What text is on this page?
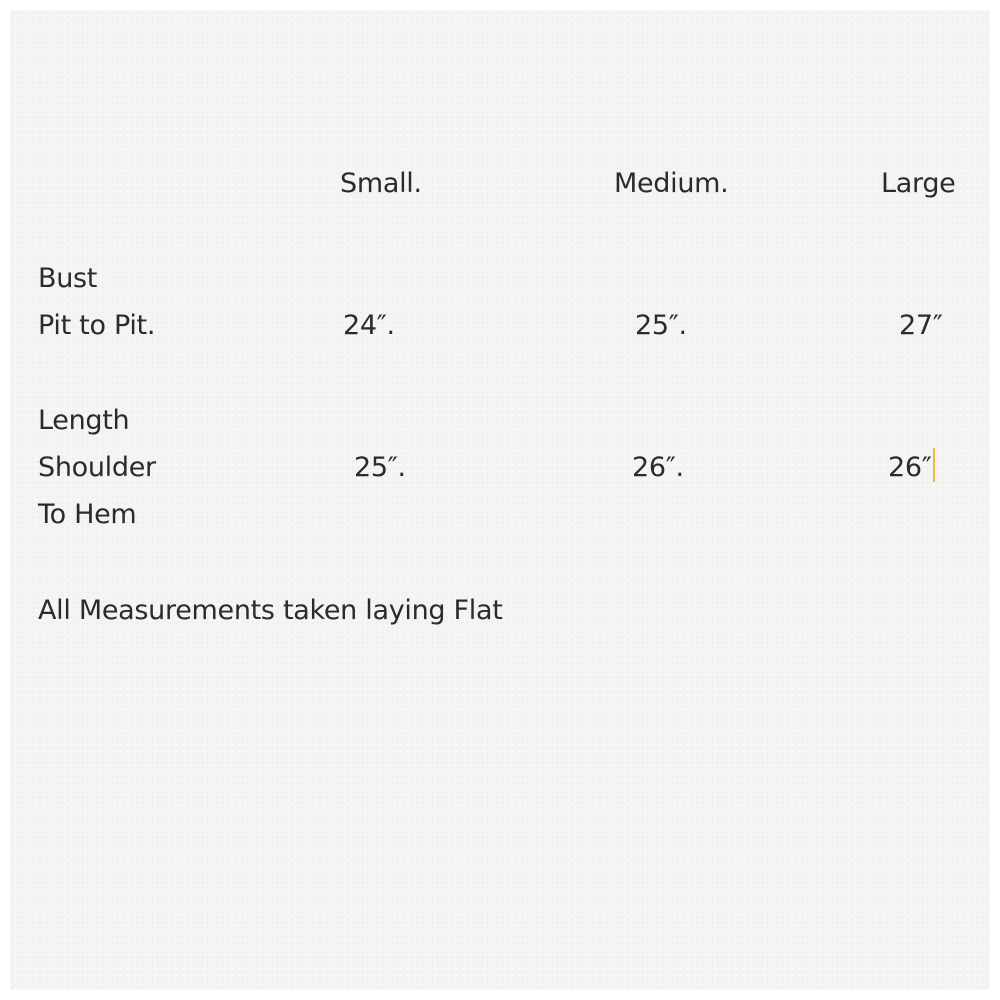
Small.	Medium.	Large
Bust
Pit to Pit.	24″.	25″.	27″
Length
Shoulder
To Hem
25″.	26″.	26″
All Measurements taken laying Flat
